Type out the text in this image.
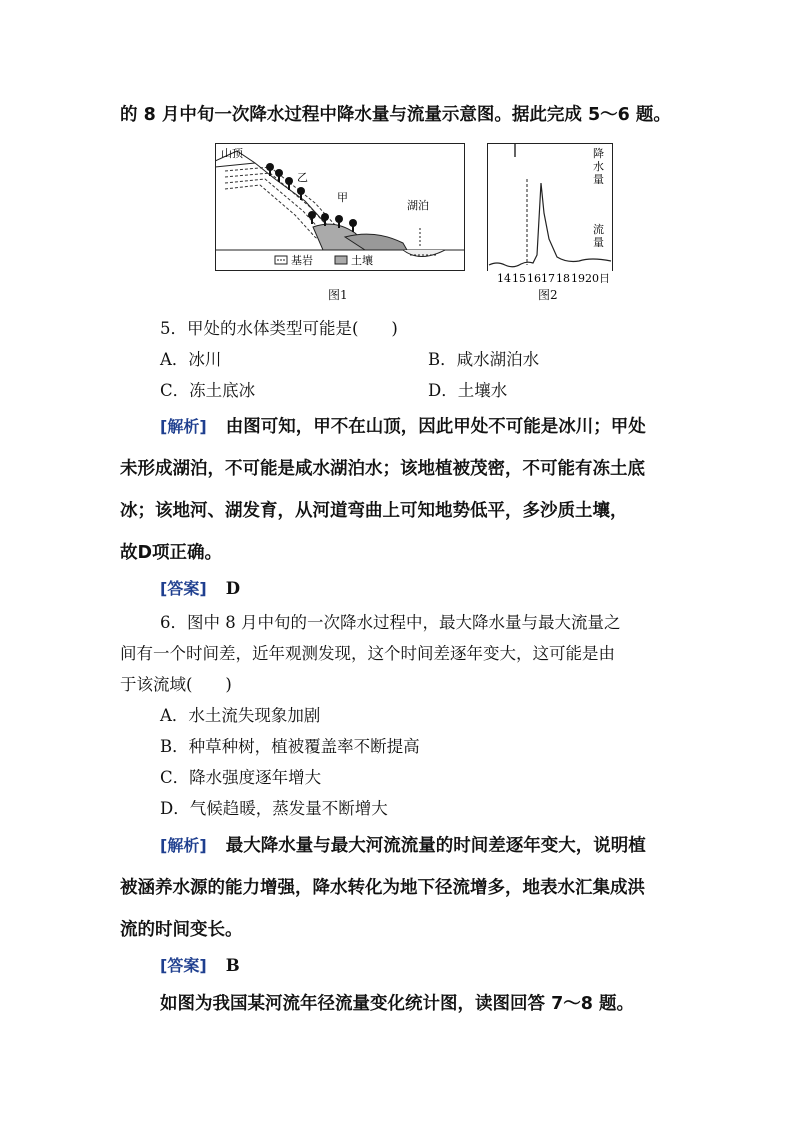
的 8 月中旬一次降水过程中降水量与流量示意图。据此完成 5～6 题。
山顶
乙
甲
湖泊
基岩	土壤
图1
降
水
量
流
量
14 15 16 17 18 19 20 日
图2
5．甲处的水体类型可能是(　　)
A．冰川	B．咸水湖泊水
C．冻土底冰	D．土壤水
[解析] 由图可知，甲不在山顶，因此甲处不可能是冰川；甲处
未形成湖泊，不可能是咸水湖泊水；该地植被茂密，不可能有冻土底
冰；该地河、湖发育，从河道弯曲上可知地势低平，多沙质土壤，
故D项正确。
[答案] D
6．图中 8 月中旬的一次降水过程中，最大降水量与最大流量之
间有一个时间差，近年观测发现，这个时间差逐年变大，这可能是由
于该流域(　　)
A．水土流失现象加剧
B．种草种树，植被覆盖率不断提高
C．降水强度逐年增大
D．气候趋暖，蒸发量不断增大
[解析] 最大降水量与最大河流流量的时间差逐年变大，说明植
被涵养水源的能力增强，降水转化为地下径流增多，地表水汇集成洪
流的时间变长。
[答案] B
如图为我国某河流年径流量变化统计图，读图回答 7～8 题。
